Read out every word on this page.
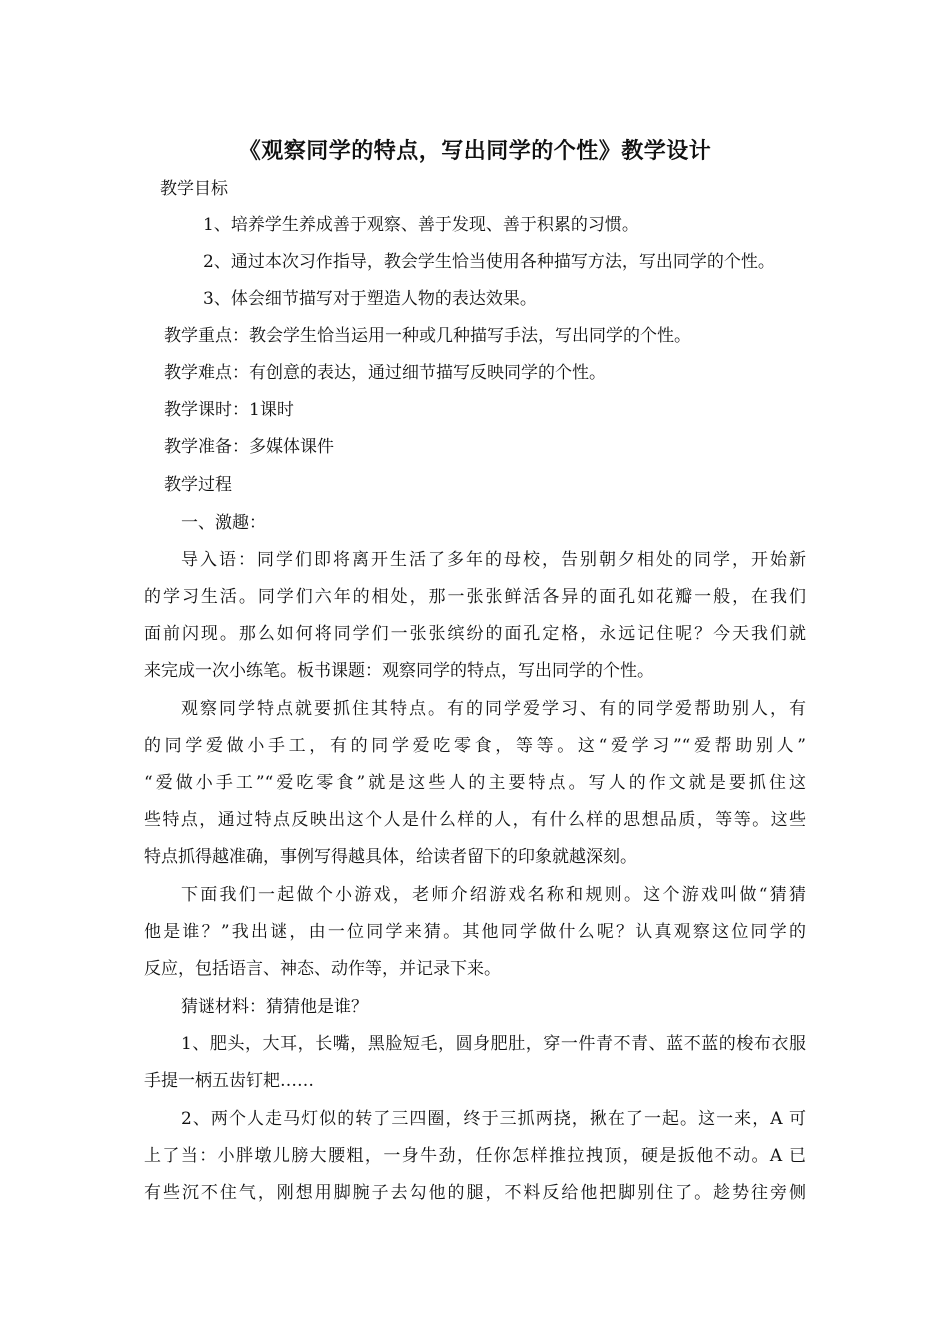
《观察同学的特点，写出同学的个性》教学设计
教学目标
1、培养学生养成善于观察、善于发现、善于积累的习惯。
2、通过本次习作指导，教会学生恰当使用各种描写方法，写出同学的个性。
3、体会细节描写对于塑造人物的表达效果。
教学重点：教会学生恰当运用一种或几种描写手法，写出同学的个性。
教学难点：有创意的表达，通过细节描写反映同学的个性。
教学课时：1课时
教学准备：多媒体课件
教学过程
一、激趣：
导入语：同学们即将离开生活了多年的母校，告别朝夕相处的同学，开始新
的学习生活。同学们六年的相处，那一张张鲜活各异的面孔如花瓣一般，在我们
面前闪现。那么如何将同学们一张张缤纷的面孔定格，永远记住呢？今天我们就
来完成一次小练笔。板书课题：观察同学的特点，写出同学的个性。
观察同学特点就要抓住其特点。有的同学爱学习、有的同学爱帮助别人，有
的同学爱做小手工，有的同学爱吃零食，等等。这“爱学习”“爱帮助别人”
“爱做小手工”“爱吃零食”就是这些人的主要特点。写人的作文就是要抓住这
些特点，通过特点反映出这个人是什么样的人，有什么样的思想品质，等等。这些
特点抓得越准确，事例写得越具体，给读者留下的印象就越深刻。
下面我们一起做个小游戏，老师介绍游戏名称和规则。这个游戏叫做“猜猜
他是谁？”我出谜，由一位同学来猜。其他同学做什么呢？认真观察这位同学的
反应，包括语言、神态、动作等，并记录下来。
猜谜材料：猜猜他是谁？
1、肥头，大耳，长嘴，黑脸短毛，圆身肥肚，穿一件青不青、蓝不蓝的梭布衣服
手提一柄五齿钉耙……
2、两个人走马灯似的转了三四圈，终于三抓两挠，揪在了一起。这一来，A 可
上了当：小胖墩儿膀大腰粗，一身牛劲，任你怎样推拉拽顶，硬是扳他不动。A 已
有些沉不住气，刚想用脚腕子去勾他的腿，不料反给他把脚别住了。趁势往旁侧
